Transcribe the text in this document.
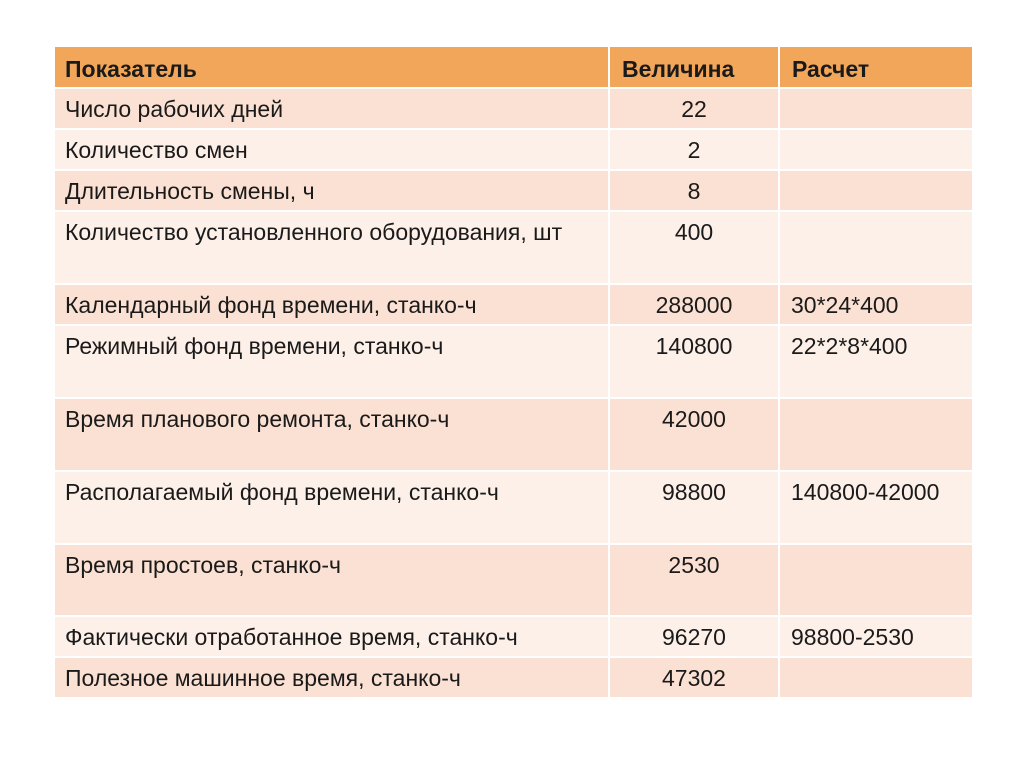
Показатель	Величина	Расчет
Число рабочих дней	22	
Количество смен	2	
Длительность смены, ч	8	
Количество установленного оборудования, шт	400	
Календарный фонд времени, станко-ч	288000	30*24*400
Режимный фонд времени, станко-ч	140800	22*2*8*400
Время планового ремонта, станко-ч	42000	
Располагаемый фонд времени, станко-ч	98800	140800-42000
Время простоев, станко-ч	2530	
Фактически отработанное время, станко-ч	96270	98800-2530
Полезное машинное время, станко-ч	47302	
